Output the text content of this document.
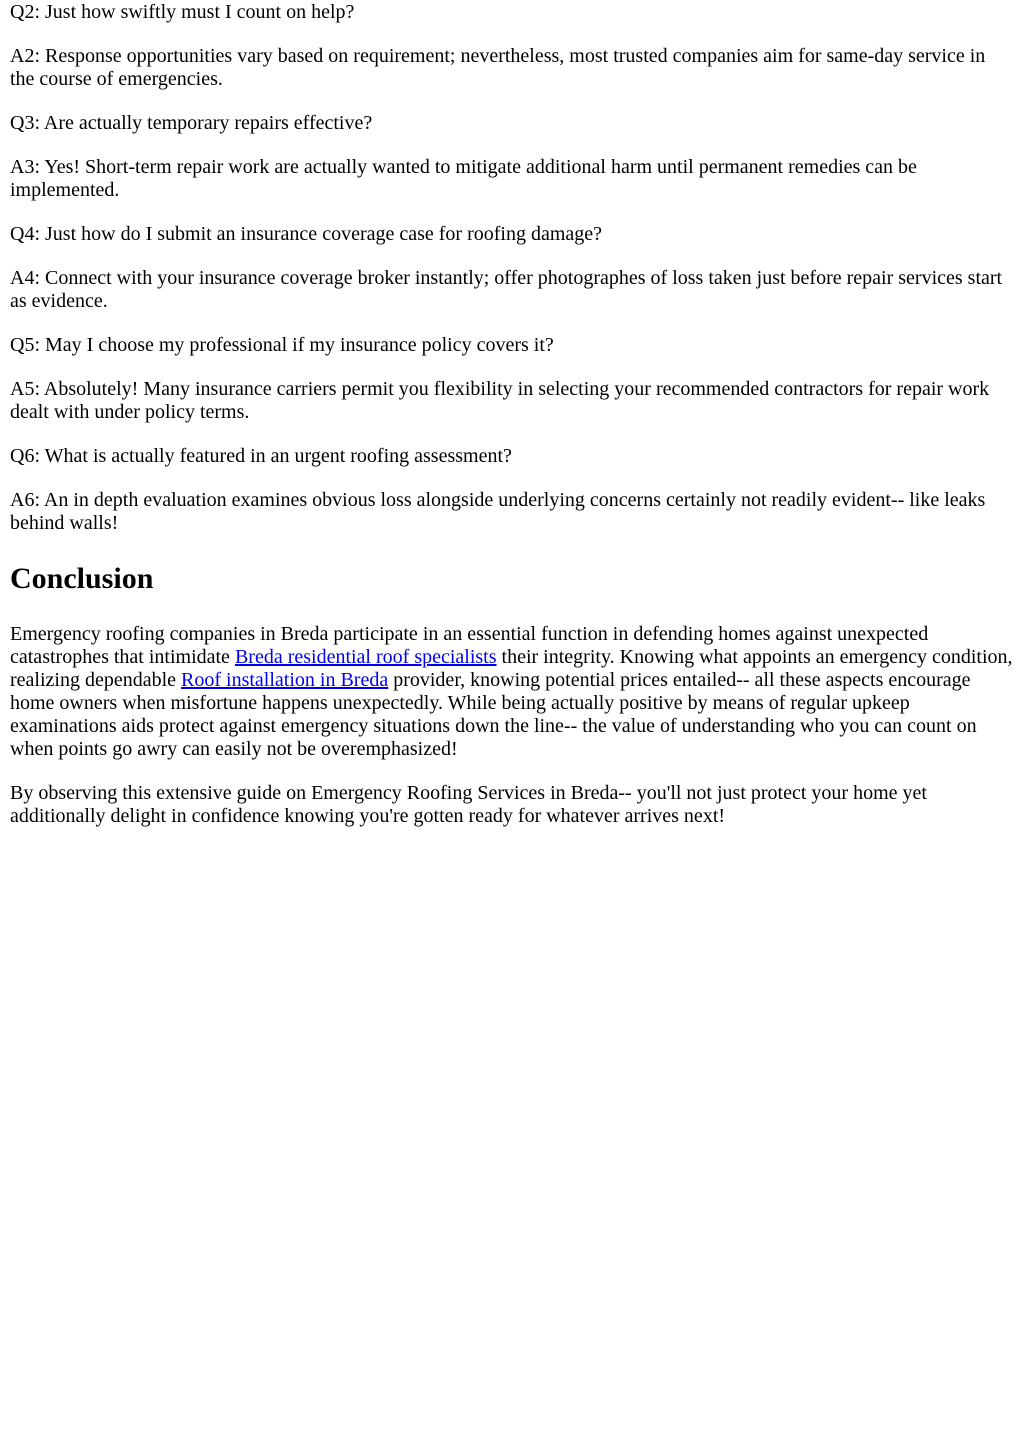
Q2: Just how swiftly must I count on help?

A2: Response opportunities vary based on requirement; nevertheless, most trusted companies aim for same-day service in the course of emergencies.

Q3: Are actually temporary repairs effective?

A3: Yes! Short-term repair work are actually wanted to mitigate additional harm until permanent remedies can be implemented.

Q4: Just how do I submit an insurance coverage case for roofing damage?

A4: Connect with your insurance coverage broker instantly; offer photographes of loss taken just before repair services start as evidence.

Q5: May I choose my professional if my insurance policy covers it?

A5: Absolutely! Many insurance carriers permit you flexibility in selecting your recommended contractors for repair work dealt with under policy terms.

Q6: What is actually featured in an urgent roofing assessment?

A6: An in depth evaluation examines obvious loss alongside underlying concerns certainly not readily evident-- like leaks behind walls!

Conclusion

Emergency roofing companies in Breda participate in an essential function in defending homes against unexpected catastrophes that intimidate Breda residential roof specialists their integrity. Knowing what appoints an emergency condition, realizing dependable Roof installation in Breda provider, knowing potential prices entailed-- all these aspects encourage home owners when misfortune happens unexpectedly. While being actually positive by means of regular upkeep examinations aids protect against emergency situations down the line-- the value of understanding who you can count on when points go awry can easily not be overemphasized!

By observing this extensive guide on Emergency Roofing Services in Breda-- you'll not just protect your home yet additionally delight in confidence knowing you're gotten ready for whatever arrives next!
